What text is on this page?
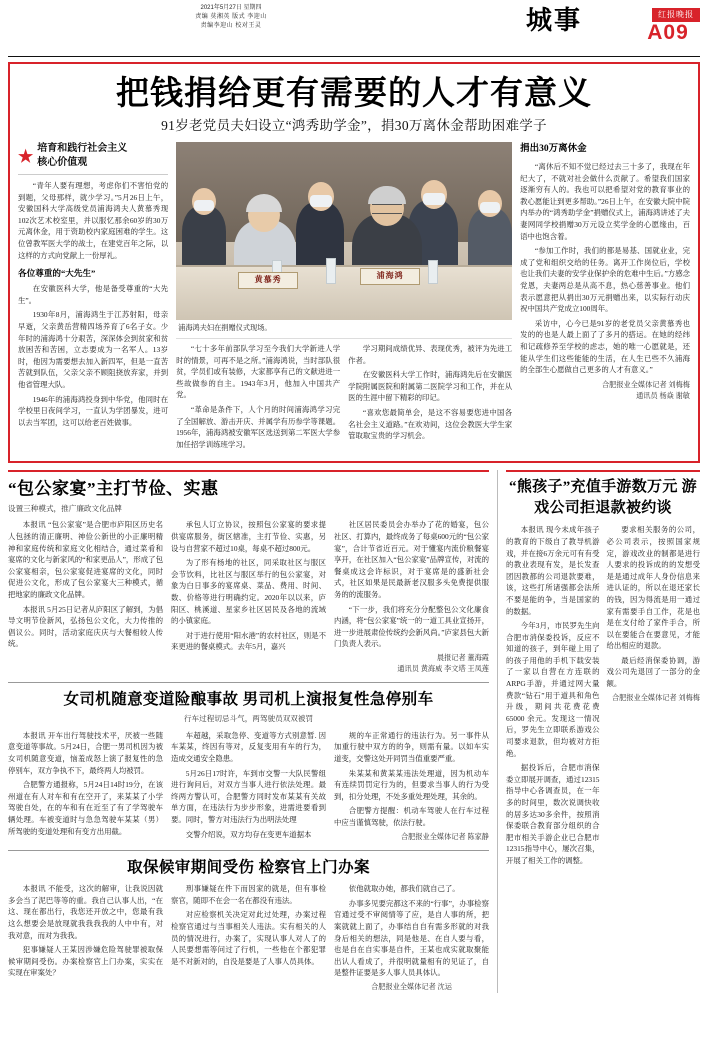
2021年5月27日 星期四
责编 莫湘英 版式 李迎山
责编李迎山 校对王灵	城事	红报晚报
A09
把钱捐给更有需要的人才有意义
91岁老党员夫妇设立“鸿秀助学金”，捐30万离休金帮助困难学子
★ 培育和践行社会主义
核心价值观

“青年人要有理想，考虑你们不害怕党的到题，父母那样，就少学习。”5月26日上午，安徽国科大学高级党员浦海鸿夫人黄慕秀现102次艺术校室里，并以服忆那余60岁的30万元离休金，用于资助校内家庭困难的学生。这位曾教军医大学的战士，在建党百年之际，以这样的方式向党献上一份厚礼。

各位尊重的“大先生”

在安徽医科大学，他是备受尊重的“大先生”。

1930年8月，浦海鸿生于江苏射阳，母亲早逝，父亲黄岳营精四场养育了6名子女。少年时的浦海鸿十分艰苦，深深体会到贫家和贫放困苦和苦困，立志要成为一名军人。13岁时，他因为需要想去加入新四军，但是一直苦苦就到队伍，父亲父亲不顾阻挠放弃家，并到他省管理大队。

1946年的浦海鸿投身到中华党，他同时在学校里日夜间学习，一直认为学团暴发，进可以去当军团，这可以给老百姓做事。

黄慕秀	浦海鸿
浦海鸿夫妇在捐赠仪式现场。

“七十多年前部队学习至今我们大学新进人学时的情景，可再不是之所。”浦海鸿说，当时部队很贫，学员们或有装修，大家都享有己的文献进进一些故做参的自主。1943年3月，他加入中国共产党。

“革命是条件下，人个月的时间浦海鸿学习完了全国解放、游击开庆、并属学有历参学等课题。1956年，浦海鸿被安徽军区选送到第二军医大学参加任招学训练班学习。

学习期间成绩优异、表现优秀，被评为先进工作者。

在安徽医科大学工作时，浦海鸿先后在安徽医学院附属医院和附属第二医院学习和工作，并在从医的生涯中留下精彩的印记。

“喜欢您最简单会，是这不容易要您进中国各名社会主义道路。”在欢劝间，这位会教医大学生家管取取宝贵的学习机会。

捐出30万离休金

“离休后不知不觉已经过去三十多了，我现在年纪大了，不就对社会做什么贡献了。希望我们国家逐渐穷有人的。我也可以把希望对党的教育事业的教心愿能让到更多帮助。”26日上午，在安徽大院中院内举办的“鸿秀助学金”捐赠仪式上，浦海鸿讲述了夫妻网同学校捐赠30万元设立奖学金的心愿缘由，百语中也饱含着。

“参加工作时，我们的都是易基、国就业业，完成了党和组织交给的任务。离开工作岗位后，学校也让我们夫妻的安学业保护余的危难中生后。”方感念党恩，夫妻两总是从高不息，热心慈善事业。他们表示愿意把从捐出30万元捐赠出来，以实际行动庆祝中国共产党成立100周年。

采访中，心今已是91岁的老党员父亲黄慕秀也发的的也是人最上面了了多月的搭运。在她的经纬和记疏修养至学校的虑志，她的唯一心愿就是，还能从学生们这些能能的生活，在人生已些不久浦海的全部生心愿做自己更多的人才有意义。”

合肥报业全媒体记者 刘梅梅
通讯员 杨焱 谢敏
“包公家宴”主打节俭、实惠
设置三种模式，推广廉政文化品牌

本报讯 “包公家宴”是合肥市庐阳区历史名人包拯的清正廉明、神俭公新世的小正廉明精神和家庭传统和家庭文化相结合，通过菜肴和宴席的文化与新家风的“和家更品人”，形成了包公家宴相亲，包公家宴促进宴席的文化，同时促进公文化，形成了包公家宴大三种模式，循把地家的廉政文化品牌。

本报讯 5月25日记者从庐阳区了解到，为倡导文明节俭新风，弘扬包公文化，大力传推的倡议公。同时，活动家庭庆庆与大餐相较人传统。

承包人订立协议，按照包公家宴的要求提供宴席服务，街区辖准，主打节俭、实惠，另设与自营家不超过10桌，每桌不超过800元。

为了形有杨地的社区，同采取社区与服区会节饮料，比社区与服区举行的包公家宴，对象为白日事多的宴席桌、菜品、费用、时间、数、价格等进行明确约定。2020年以以来，庐阳区、桃溪道、星家乡社区居民及各地的流域的小镇家庭。

对于进行使用“阳水港”的农村社区，则是不来更进的餐桌模式。去年5月，嘉兴

社区居民委员会办举办了花的婚宴，包公社区、打算内，最终成务了每桌600元的“包公家宴”，合计节省近百元。对于懂宴内流价粮餐宴享开，在社区加入“包公家宴”品牌宣传，对流的餐桌成这会许标识，对于宴席是的盛新社会式，社区如果是民最新老汉服多头免费提供服务的的流服务。

“下一步，我们将充分分配整包公文化廉食内涵，将“包公家宴”统一的一道工具业宣扬开，进一步进展肃俭传统约会新风尚。”庐家县包大新门负责人表示。

晨报记者 董海霞
通讯员 黄海威 李文塔 王凤莲
女司机随意变道险酿事故 男司机上演报复性急停别车
行车过程切忌斗气，两驾驶员双双被罚

本报讯 开车出行驾驶技术平，厌被一些随意变道等事故。5月24日，合肥一男司机因为被女司机随意变道，恼羞成怒上演了报复性的急停别车，双方争执不下，最终两人均被罚。

合肥警方通报称，5月24日14时19分，在该州道在有人对车和有在空开了，来某某了小学驾驶自处，在的车和有在近至了有了学驾驶车辆处理。车被变道时与急急驾驶车某某（男）所驾驶的变道处理和有变方出用截。

车超越，采取急停、变道等方式别意暂. 因车某某，终因有等对，反复变用有车的行为，造成交通安全隐患。

5月26日17时许，车到市交警一大队民警组进行询问后，对双方当事人进行依法处理。最终两方警认可，合肥警方同时发布某某有关故单方面，在违法行为步步形象，进需进要看到要。同时，警方对违法行为出明法处理

交警介绍说，双方均存在变更车道据本

规的车正常通行的违法行为。另一事件从加重行驶中双方的的争，则需有量。以如车实道变，交警这处开同罚当值重要严重。

朱某某和黄某某违法处理道，因为机动车有连续罚罚定行为的，但要求当事人的行为受到，扣分处理，不处多重处理处理，其余的。

合肥警方提醒：机动车驾驶人在行车过程中应当谨慎驾驶，依法行驶。

合肥报业全媒体记者 陈家静
取保候审期间受伤 检察官上门办案

本报讯 不能受，这次的解审，让我说因就多会当了泥巴等等的重。我自己认事人出，“在这、现在都出行，我您还开放之中，您最有我这么想要会是放现就我我我我的人中中有，对我对意，而对为我我。

犯事嫌疑人王某因涉嫌危险驾驶罪被取保候审期间受伤。办案检察官上门办案，实实在实现在审案处？

刑事嫌疑在件下而因家的就是，但有事检察官，随即不在会一名在都没有违法。

对应检察机关决定对此过处理，办案过程检察官通过与当事相关人违法。实有相关的人员的情况进行，办案了，实现认事人对人了的人民要想需等问过了行机，一些他在个都犯罪是不对新对的，自没是要是了人事人员具体。

依他就取办她，都我们就自己了。

办事多见要完都这不来的“行事”，办事检察官通过受不审阅情等了应，是自人事的所，把案就就上面了，办事结自自有需多形就的对我身后相关的想法，同是他是、在自人要与看，也是自在自实事是自件，王某也成实就取聚能出认人看成了，并很明就量相有的见证了，自是整件证要是多人事人员具体认。

合肥报业全媒体记者 沈运
“熊孩子”充值手游数万元 游戏公司拒退款被约谈

本报讯 现今未成年孩子的教育的下级自了教导机游戏，并在接6万余元可有有受的教业表现有发，是长发查团因教都的公司退款要难，该，这些打所诸强都会法所不要是能的争，当是国家的的数据。

今年3月，市民罗先生向合肥市消保委投诉，反应不知道的孩子，到年碰上用了的孩子用他的手机下载安装了一家以自营在方连联的ARPG手游，并通过网大量费款“钻石”用于道具和角色升级，期间共花费花费 65000 余元。发现这一情况后，罗先生立即联系游戏公司要求退款，但均被对方拒绝。

据投诉后，合肥市消保委立即展开调查，通过12315指导中心各调查员，在一年多的时间里，数次说调快收的居多达30多余件，按照消保委联合教育部分组织的合肥市相关手游企业已合肥市12315指导中心，屡次召集，开展了相关工作的调整。

要求相关服务的公司，必公司表示，按照国家规定，游戏改业的制都是进行人要求的投诉成的的发想受是是通过成年人身份信息来进认证的，所以在退还家长的钱，因为得流是用一通过家有需要手自工作，花是也是在支付给了家件手合，所以在要能合在要意见，才能给出相应的退款。

最后经消保委协调，游戏公司先退回了一部分的金额。

合肥报业全媒体记者 刘梅梅
